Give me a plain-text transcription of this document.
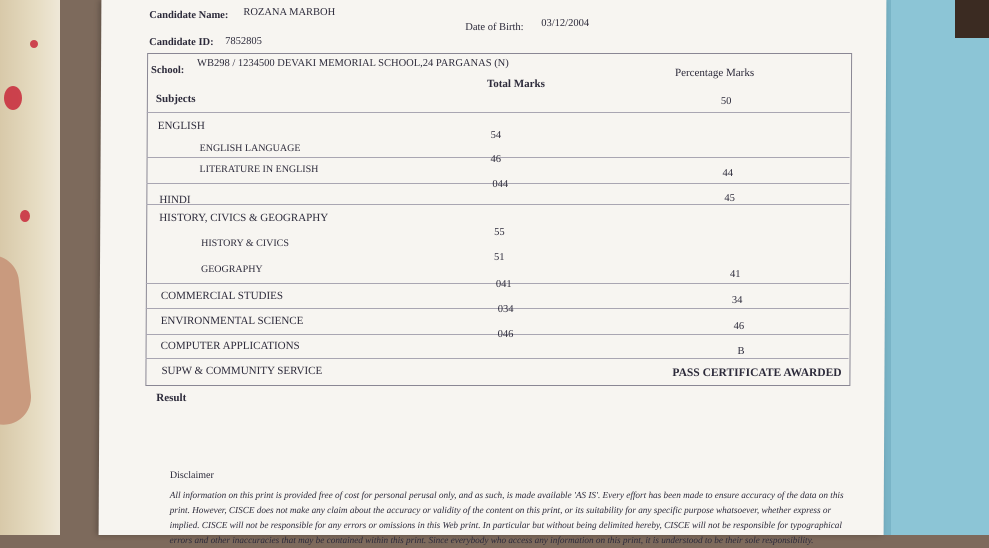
Candidate Name: ROZANA MARBOH
Candidate ID: 7852805
Date of Birth: 03/12/2004
School:
WB298 / 1234500 DEVAKI MEMORIAL SCHOOL,24 PARGANAS (N)
Subjects
Total Marks
Percentage Marks
ENGLISH
50
ENGLISH LANGUAGE
54
LITERATURE IN ENGLISH
46
HINDI
044
44
HISTORY, CIVICS & GEOGRAPHY
45
HISTORY & CIVICS
55
GEOGRAPHY
51
COMMERCIAL STUDIES
041
41
ENVIRONMENTAL SCIENCE
034
34
COMPUTER APPLICATIONS
046
46
SUPW & COMMUNITY SERVICE
B
Result
PASS CERTIFICATE AWARDED
Disclaimer
All information on this print is provided free of cost for personal perusal only, and as such, is made available 'AS IS'. Every effort has been made to ensure accuracy of the data on this print. However, CISCE does not make any claim about the accuracy or validity of the content on this print, or its suitability for any specific purpose whatsoever, whether express or implied. CISCE will not be responsible for any errors or omissions in this Web print. In particular but without being delimited hereby, CISCE will not be responsible for typographical errors and other inaccuracies that may be contained within this print. Since everybody who access any information on this print, it is understood to be their sole responsibility.
